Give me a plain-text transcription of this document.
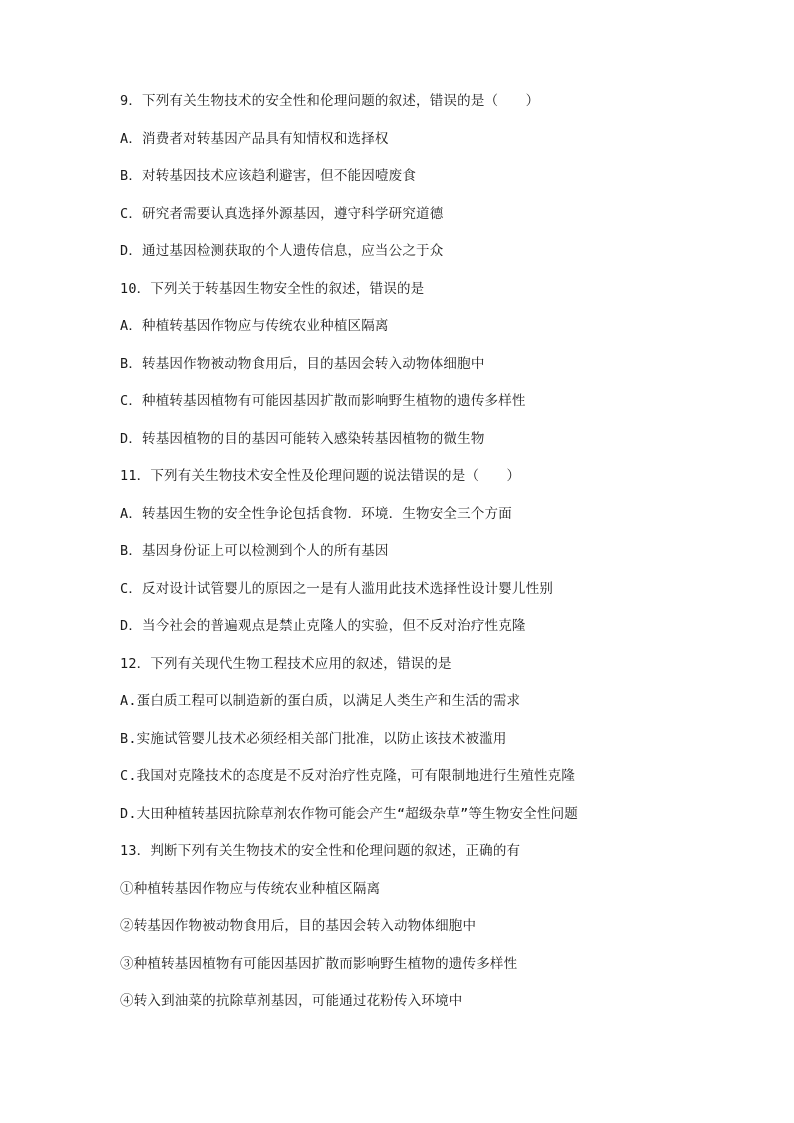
9．下列有关生物技术的安全性和伦理问题的叙述，错误的是（　　）
A．消费者对转基因产品具有知情权和选择权
B．对转基因技术应该趋利避害，但不能因噎废食
C．研究者需要认真选择外源基因，遵守科学研究道德
D．通过基因检测获取的个人遗传信息，应当公之于众
10．下列关于转基因生物安全性的叙述，错误的是
A．种植转基因作物应与传统农业种植区隔离
B．转基因作物被动物食用后，目的基因会转入动物体细胞中
C．种植转基因植物有可能因基因扩散而影响野生植物的遗传多样性
D．转基因植物的目的基因可能转入感染转基因植物的微生物
11．下列有关生物技术安全性及伦理问题的说法错误的是（　　）
A．转基因生物的安全性争论包括食物．环境．生物安全三个方面
B．基因身份证上可以检测到个人的所有基因
C．反对设计试管婴儿的原因之一是有人滥用此技术选择性设计婴儿性别
D．当今社会的普遍观点是禁止克隆人的实验，但不反对治疗性克隆
12．下列有关现代生物工程技术应用的叙述，错误的是
A.蛋白质工程可以制造新的蛋白质，以满足人类生产和生活的需求
B.实施试管婴儿技术必须经相关部门批准，以防止该技术被滥用
C.我国对克隆技术的态度是不反对治疗性克隆，可有限制地进行生殖性克隆
D.大田种植转基因抗除草剂农作物可能会产生“超级杂草”等生物安全性问题
13．判断下列有关生物技术的安全性和伦理问题的叙述，正确的有
①种植转基因作物应与传统农业种植区隔离
②转基因作物被动物食用后，目的基因会转入动物体细胞中
③种植转基因植物有可能因基因扩散而影响野生植物的遗传多样性
④转入到油菜的抗除草剂基因，可能通过花粉传入环境中
